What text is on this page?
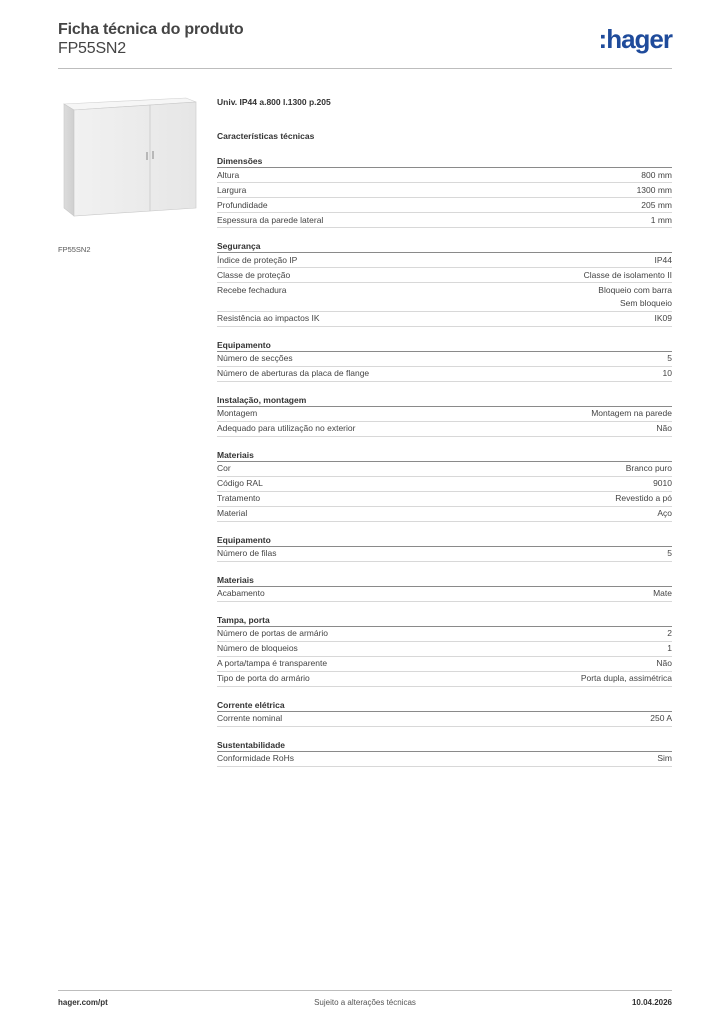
Ficha técnica do produto
FP55SN2	:hager
FP55SN2
Univ. IP44 a.800 l.1300 p.205
Características técnicas
Dimensões
Altura	800 mm
Largura	1300 mm
Profundidade	205 mm
Espessura da parede lateral	1 mm
Segurança
Índice de proteção IP	IP44
Classe de proteção	Classe de isolamento II
Recebe fechadura	Bloqueio com barra
Sem bloqueio
Resistência ao impactos IK	IK09
Equipamento
Número de secções	5
Número de aberturas da placa de flange	10
Instalação, montagem
Montagem	Montagem na parede
Adequado para utilização no exterior	Não
Materiais
Cor	Branco puro
Código RAL	9010
Tratamento	Revestido a pó
Material	Aço
Equipamento
Número de filas	5
Materiais
Acabamento	Mate
Tampa, porta
Número de portas de armário	2
Número de bloqueios	1
A porta/tampa é transparente	Não
Tipo de porta do armário	Porta dupla, assimétrica
Corrente elétrica
Corrente nominal	250 A
Sustentabilidade
Conformidade RoHs	Sim
hager.com/pt	Sujeito a alterações técnicas	10.04.2026
